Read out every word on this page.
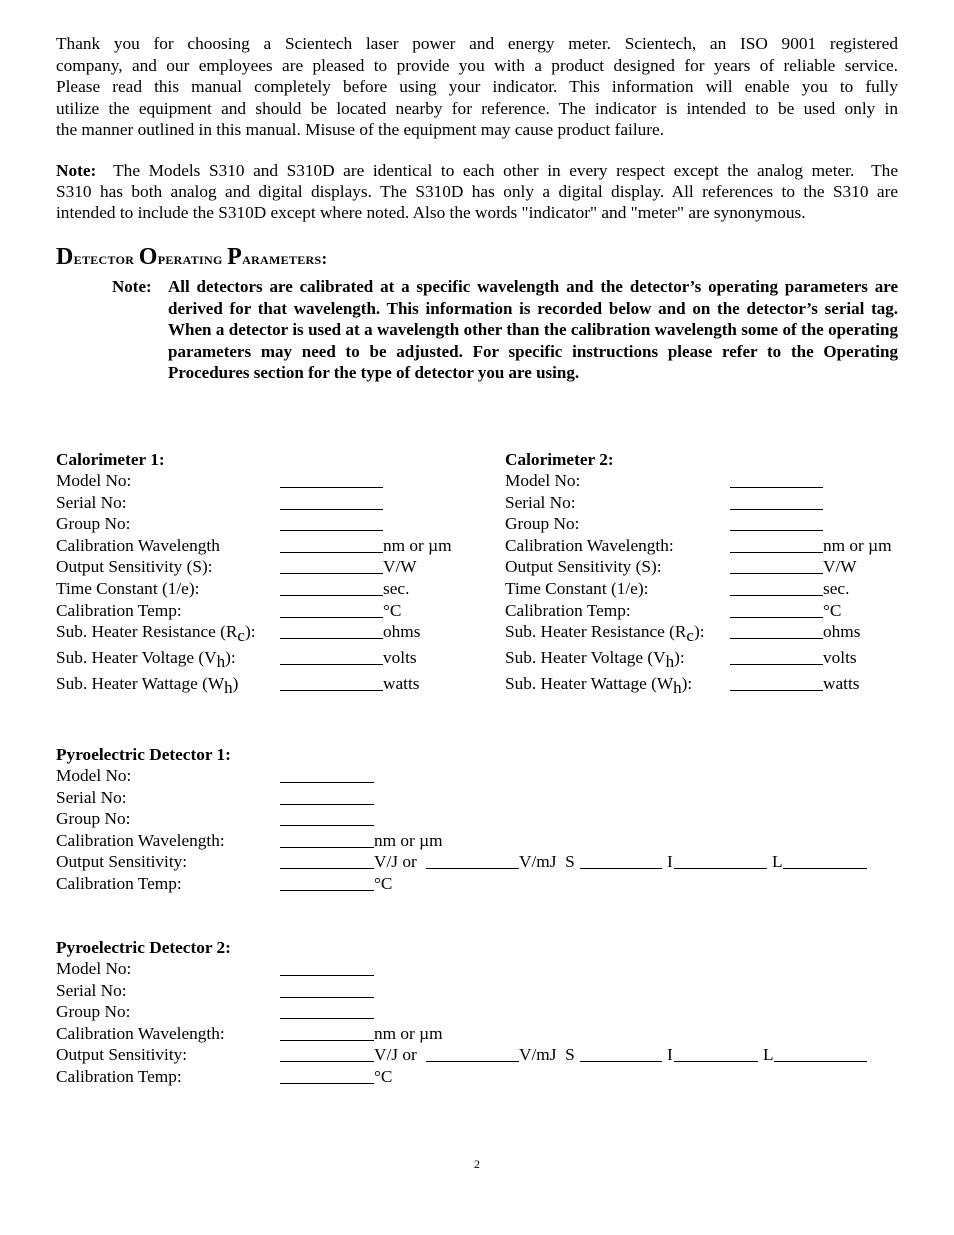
Thank you for choosing a Scientech laser power and energy meter. Scientech, an ISO 9001 registered

company, and our employees are pleased to provide you with a product designed for years of reliable service.

Please read this manual completely before using your indicator. This information will enable you to fully

utilize the equipment and should be located nearby for reference. The indicator is intended to be used only in

the manner outlined in this manual. Misuse of the equipment may cause product failure.

Note:  The Models S310 and S310D are identical to each other in every respect except the analog meter.  The

S310 has both analog and digital displays. The S310D has only a digital display. All references to the S310 are

intended to include the S310D except where noted. Also the words "indicator" and "meter" are synonymous.

Detector Operating Parameters:
Note: All detectors are calibrated at a specific wavelength and the detector’s operating parameters are derived for that wavelength. This information is recorded below and on the detector’s serial tag. When a detector is used at a wavelength other than the calibration wavelength some of the operating parameters may need to be adjusted. For specific instructions please refer to the Operating Procedures section for the type of detector you are using.
Calorimeter 1:
Model No:
Serial No:
Group No:
Calibration Wavelength	nm or µm
Output Sensitivity (S):	V/W
Time Constant (1/e):	sec.
Calibration Temp:	°C
Sub. Heater Resistance $(R_c)$:	ohms
Sub. Heater Voltage $(V_h)$:	volts
Sub. Heater Wattage $(W_h)$	watts
Calorimeter 2:
Model No:
Serial No:
Group No:
Calibration Wavelength:	nm or µm
Output Sensitivity (S):	V/W
Time Constant (1/e):	sec.
Calibration Temp:	°C
Sub. Heater Resistance $(R_c)$:	ohms
Sub. Heater Voltage $(V_h)$:	volts
Sub. Heater Wattage $(W_h)$:	watts
Pyroelectric Detector 1:
Model No:
Serial No:
Group No:
Calibration Wavelength:	nm or µm
Output Sensitivity:	V/J or	V/mJ  S	I	L
Calibration Temp:	°C
Pyroelectric Detector 2:
Model No:
Serial No:
Group No:
Calibration Wavelength:	nm or µm
Output Sensitivity:	V/J or	V/mJ  S	I	L
Calibration Temp:	°C
2
